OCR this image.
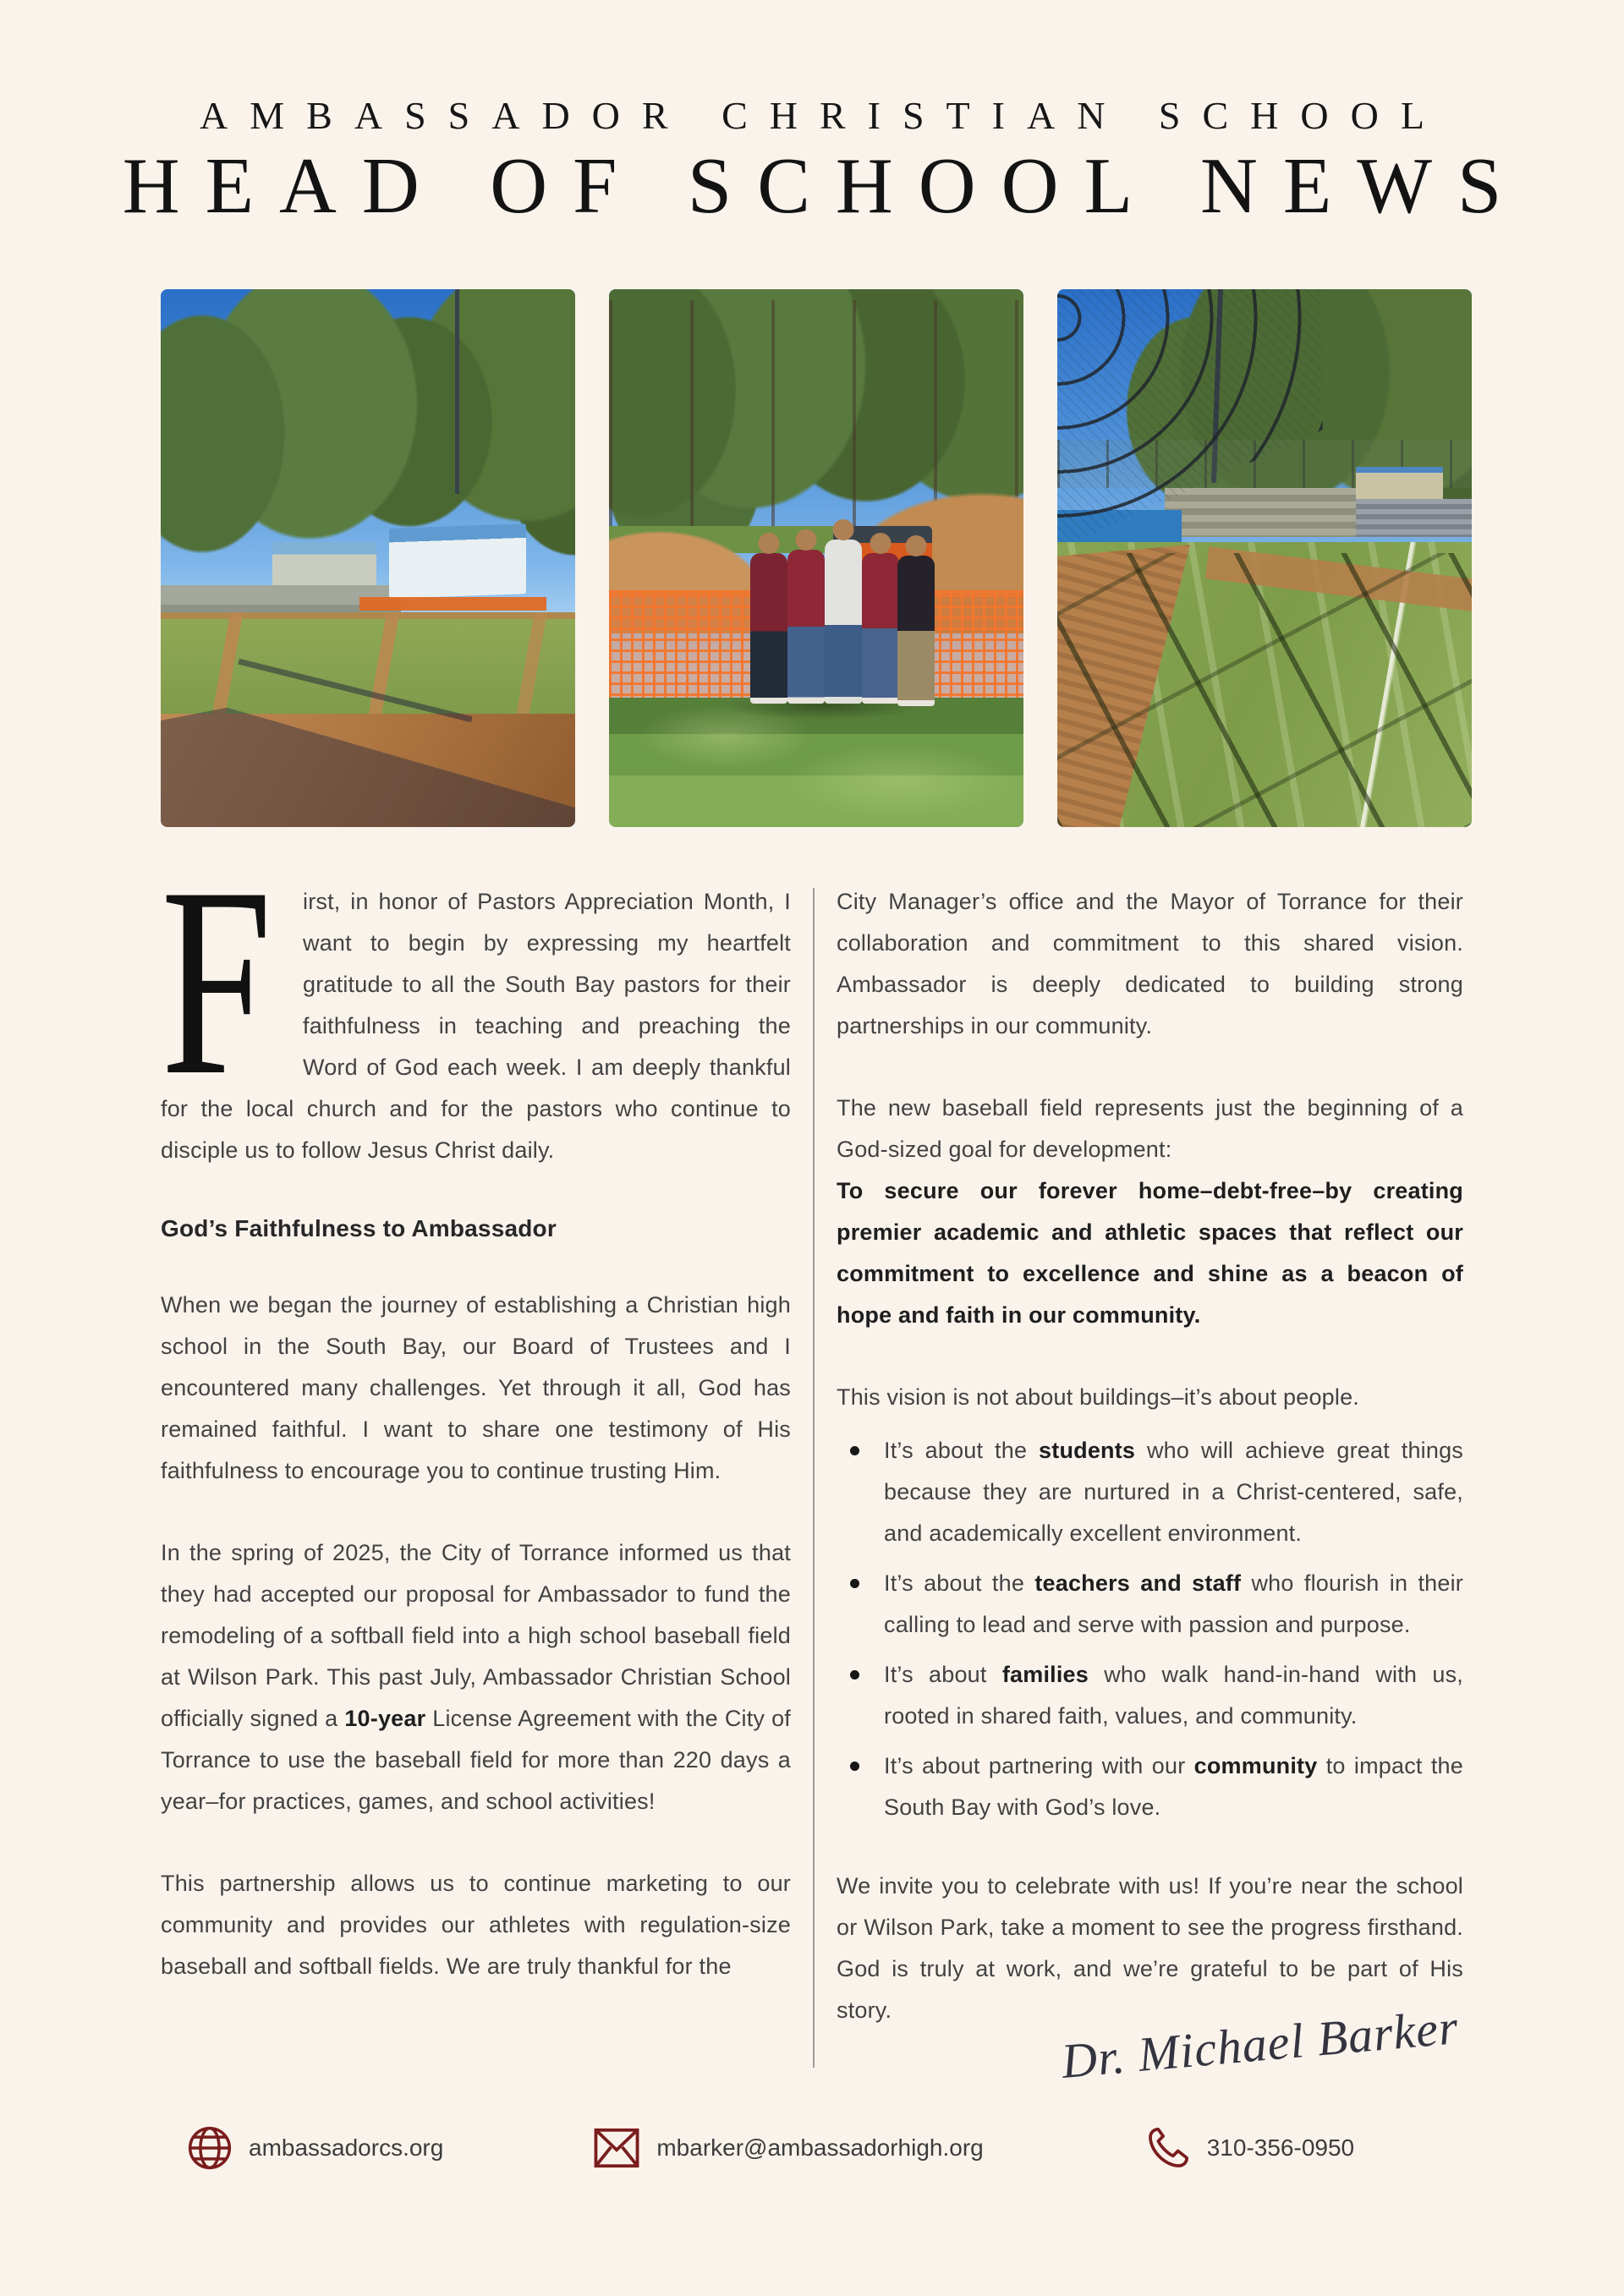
AMBASSADOR CHRISTIAN SCHOOL
HEAD OF SCHOOL NEWS

F irst, in honor of Pastors Appreciation Month, I want to begin by expressing my heartfelt gratitude to all the South Bay pastors for their faithfulness in teaching and preaching the Word of God each week. I am deeply thankful for the local church and for the pastors who continue to disciple us to follow Jesus Christ daily.

God’s Faithfulness to Ambassador

When we began the journey of establishing a Christian high school in the South Bay, our Board of Trustees and I encountered many challenges. Yet through it all, God has remained faithful. I want to share one testimony of His faithfulness to encourage you to continue trusting Him.

In the spring of 2025, the City of Torrance informed us that they had accepted our proposal for Ambassador to fund the remodeling of a softball field into a high school baseball field at Wilson Park. This past July, Ambassador Christian School officially signed a 10-year License Agreement with the City of Torrance to use the baseball field for more than 220 days a year–for practices, games, and school activities!

This partnership allows us to continue marketing to our community and provides our athletes with regulation-size baseball and softball fields. We are truly thankful for the

City Manager’s office and the Mayor of Torrance for their collaboration and commitment to this shared vision. Ambassador is deeply dedicated to building strong partnerships in our community.

The new baseball field represents just the beginning of a God-sized goal for development:

To secure our forever home–debt-free–by creating premier academic and athletic spaces that reflect our commitment to excellence and shine as a beacon of hope and faith in our community.

This vision is not about buildings–it’s about people.

It’s about the students who will achieve great things because they are nurtured in a Christ-centered, safe, and academically excellent environment.
It’s about the teachers and staff who flourish in their calling to lead and serve with passion and purpose.
It’s about families who walk hand-in-hand with us, rooted in shared faith, values, and community.
It’s about partnering with our community to impact the South Bay with God’s love.

We invite you to celebrate with us! If you’re near the school or Wilson Park, take a moment to see the progress firsthand. God is truly at work, and we’re grateful to be part of His story.	Dr. Michael Barker
ambassadorcs.org	mbarker@ambassadorhigh.org	310-356-0950
